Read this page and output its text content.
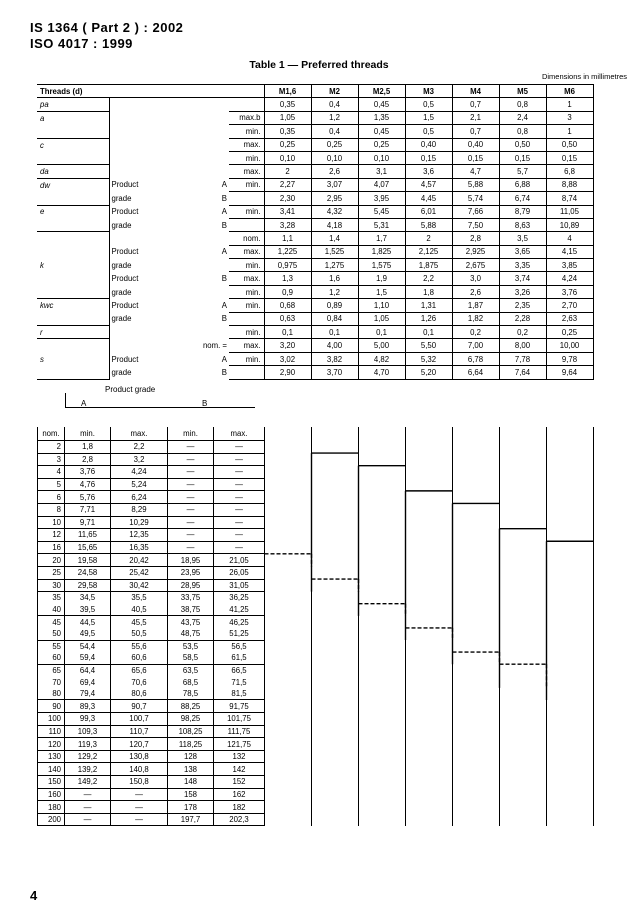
IS 1364 ( Part 2 ) : 2002
ISO 4017 : 1999
Table 1 — Preferred threads
Dimensions in millimetres
Threads (d)				M1,6	M2	M2,5	M3	M4	M5	M6
pa				0,35	0,4	0,45	0,5	0,7	0,8	1
a			max.b	1,05	1,2	1,35	1,5	2,1	2,4	3
			min.	0,35	0,4	0,45	0,5	0,7	0,8	1
c			max.	0,25	0,25	0,25	0,40	0,40	0,50	0,50
			min.	0,10	0,10	0,10	0,15	0,15	0,15	0,15
da			max.	2	2,6	3,1	3,6	4,7	5,7	6,8
dw	Product	A	min.	2,27	3,07	4,07	4,57	5,88	6,88	8,88
	grade	B		2,30	2,95	3,95	4,45	5,74	6,74	8,74
e	Product	A	min.	3,41	4,32	5,45	6,01	7,66	8,79	11,05
	grade	B		3,28	4,18	5,31	5,88	7,50	8,63	10,89
			nom.	1,1	1,4	1,7	2	2,8	3,5	4
	Product	A	max.	1,225	1,525	1,825	2,125	2,925	3,65	4,15
k	grade		min.	0,975	1,275	1,575	1,875	2,675	3,35	3,85
	Product	B	max.	1,3	1,6	1,9	2,2	3,0	3,74	4,24
	grade		min.	0,9	1,2	1,5	1,8	2,6	3,26	3,76
kwc	Product	A	min.	0,68	0,89	1,10	1,31	1,87	2,35	2,70
	grade	B		0,63	0,84	1,05	1,26	1,82	2,28	2,63
r			min.	0,1	0,1	0,1	0,1	0,2	0,2	0,25
		nom. =	max.	3,20	4,00	5,00	5,50	7,00	8,00	10,00
s	Product	A	min.	3,02	3,82	4,82	5,32	6,78	7,78	9,78
	grade	B		2,90	3,70	4,70	5,20	6,64	7,64	9,64
Product grade
A	B
nom.	min.	max.	min.	max.							
2	1,8	2,2	—	—							
3	2,8	3,2	—	—							
4	3,76	4,24	—	—							
5	4,76	5,24	—	—							
6	5,76	6,24	—	—							
8	7,71	8,29	—	—							
10	9,71	10,29	—	—							
12	11,65	12,35	—	—							
16	15,65	16,35	—	—							
20	19,58	20,42	18,95	21,05							
25	24,58	25,42	23,95	26,05							
30	29,58	30,42	28,95	31,05							
35	34,5	35,5	33,75	36,25							
40	39,5	40,5	38,75	41,25							
45	44,5	45,5	43,75	46,25							
50	49,5	50,5	48,75	51,25							
55	54,4	55,6	53,5	56,5							
60	59,4	60,6	58,5	61,5							
65	64,4	65,6	63,5	66,5							
70	69,4	70,6	68,5	71,5							
80	79,4	80,6	78,5	81,5							
90	89,3	90,7	88,25	91,75							
100	99,3	100,7	98,25	101,75							
110	109,3	110,7	108,25	111,75							
120	119,3	120,7	118,25	121,75							
130	129,2	130,8	128	132							
140	139,2	140,8	138	142							
150	149,2	150,8	148	152							
160	—	—	158	162							
180	—	—	178	182							
200	—	—	197,7	202,3							
4
